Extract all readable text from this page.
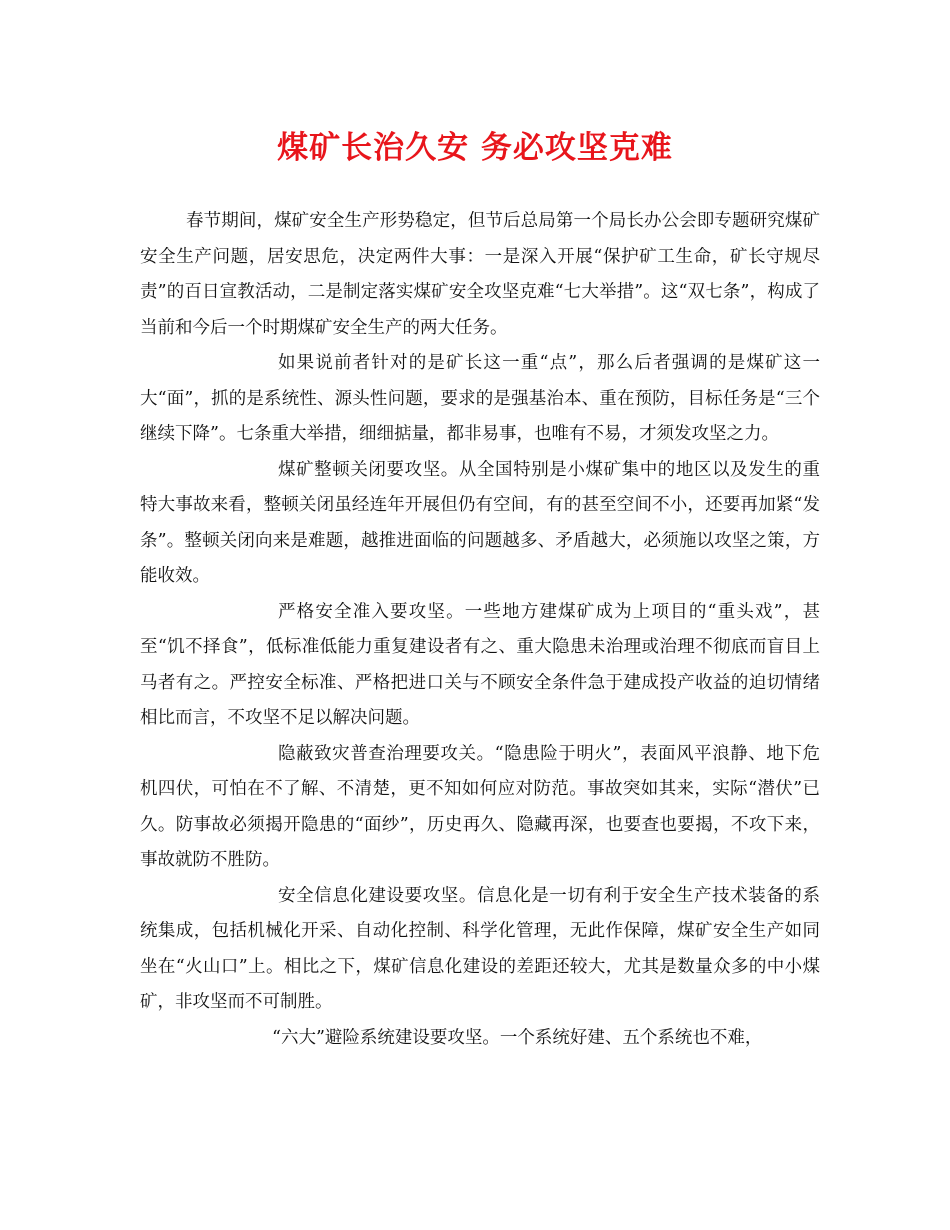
煤矿长治久安 务必攻坚克难

春节期间，煤矿安全生产形势稳定，但节后总局第一个局长办公会即专题研究煤矿安全生产问题，居安思危，决定两件大事：一是深入开展“保护矿工生命，矿长守规尽责”的百日宣教活动，二是制定落实煤矿安全攻坚克难“七大举措”。这“双七条”，构成了当前和今后一个时期煤矿安全生产的两大任务。

如果说前者针对的是矿长这一重“点”，那么后者强调的是煤矿这一大“面”，抓的是系统性、源头性问题，要求的是强基治本、重在预防，目标任务是“三个继续下降”。七条重大举措，细细掂量，都非易事，也唯有不易，才须发攻坚之力。

煤矿整顿关闭要攻坚。从全国特别是小煤矿集中的地区以及发生的重特大事故来看，整顿关闭虽经连年开展但仍有空间，有的甚至空间不小，还要再加紧“发条”。整顿关闭向来是难题，越推进面临的问题越多、矛盾越大，必须施以攻坚之策，方能收效。

严格安全准入要攻坚。一些地方建煤矿成为上项目的“重头戏”，甚至“饥不择食”，低标准低能力重复建设者有之、重大隐患未治理或治理不彻底而盲目上马者有之。严控安全标准、严格把进口关与不顾安全条件急于建成投产收益的迫切情绪相比而言，不攻坚不足以解决问题。

隐蔽致灾普查治理要攻关。“隐患险于明火”，表面风平浪静、地下危机四伏，可怕在不了解、不清楚，更不知如何应对防范。事故突如其来，实际“潜伏”已久。防事故必须揭开隐患的“面纱”，历史再久、隐藏再深，也要查也要揭，不攻下来，事故就防不胜防。

安全信息化建设要攻坚。信息化是一切有利于安全生产技术装备的系统集成，包括机械化开采、自动化控制、科学化管理，无此作保障，煤矿安全生产如同坐在“火山口”上。相比之下，煤矿信息化建设的差距还较大，尤其是数量众多的中小煤矿，非攻坚而不可制胜。

“六大”避险系统建设要攻坚。一个系统好建、五个系统也不难，
